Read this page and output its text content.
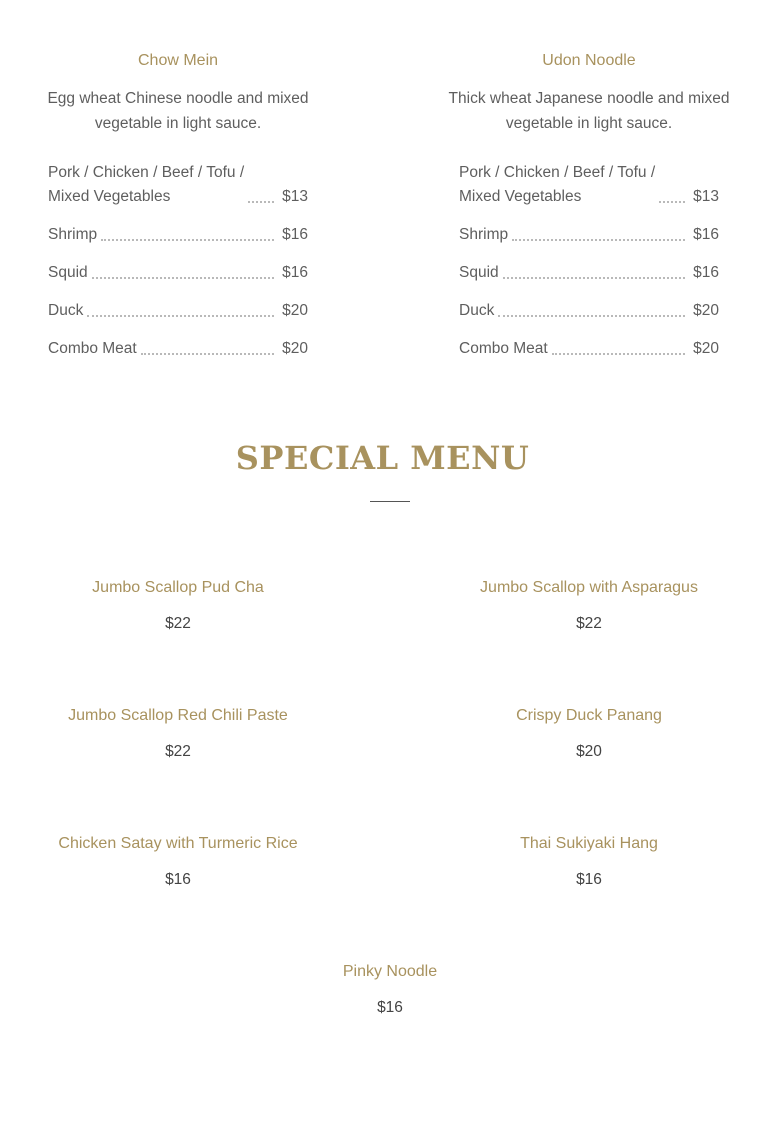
Chow Mein
Egg wheat Chinese noodle and mixed vegetable in light sauce.
Pork / Chicken / Beef / Tofu /
Mixed Vegetables	$13
Shrimp	$16
Squid	$16
Duck	$20
Combo Meat	$20
Udon Noodle
Thick wheat Japanese noodle and mixed vegetable in light sauce.
Pork / Chicken / Beef / Tofu /
Mixed Vegetables	$13
Shrimp	$16
Squid	$16
Duck	$20
Combo Meat	$20
SPECIAL MENU
Jumbo Scallop Pud Cha
$22
Jumbo Scallop with Asparagus
$22
Jumbo Scallop Red Chili Paste
$22
Crispy Duck Panang
$20
Chicken Satay with Turmeric Rice
$16
Thai Sukiyaki Hang
$16
Pinky Noodle
$16
